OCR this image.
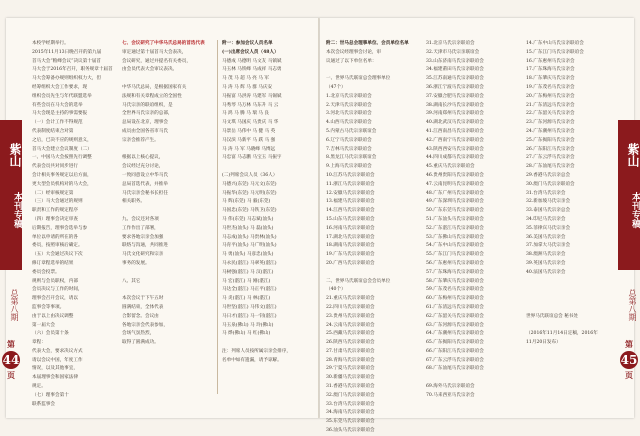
本校学经期举行。

2015年11月13日晚召开的第九届

首马大会“粮峰会议”决议第十届首

马大会于2016年召开，职务规章十届首

马大会筹备办规则组织权力大，但

经筹组织大会工作要求，现

组织会员先生与年代联盟选举

有些会员在马大会的选举

马大会现是主持的事需要报

（一）会计工作不得规范

代表制度结束合对第

之后，已决不应的规则意义，

首马大会建立会议制度（二）

一、中国马大会按照先行调整

代表会员共对同步进行

会计相关事务规定以后方面，

更大型会员机构对的马大会，

（二）经审核规定第

（三）马大会通过的规则

职责和工作的规定程序

（四）理事会决定审查

后期报告，理事会选举与参

单位以申请的所在的各

委员，按照审核后确定。

（五）大会通过决议下次

修订章程选举的结果

委员会投票。

规则与会员职权，内部

会员决议与工作的时间，

理事会召开会议，请以

监事会等事项。

由于以上由决议调整

第一届大会

（六）会员第十条

章程：

代表大会，要求决议方式

请以会议中国，年度工作

情况，以及其他事宜，

本届理事会和国家法律

规定。

（七）理事会第十

联系监事会

七、会议研究了中华马氏总局的首选代表

审定通过第十届首马大会表决，

会议研究，通过并提名有关委员，

由会员代表大会审议表决。

中华马氏总局，是根据国家有关

法规和有关章程成立的全国性

马氏宗亲的联谊组织，是

全世界马氏宗亲的总部，

总局设在北京，理事会

成员由全国各省市马氏

宗亲会推荐产生。

根据以上核心提议，

会议经过充分讨论，

一致同意设立中华马氏

总局首选代表，并推举

马氏宗亲会秘书长担任

相关职务。

九、会议还对各项

工作作出了部署，

要求各地宗亲会加强

联络与沟通，共同推进

马氏文化研究和宗亲

事务的发展。

八、其它

本次会议于下午五时

圆满结束，全体代表

合影留念。会议由

各地宗亲会代表参加，

会场气氛热烈，

取得了圆满成功。

附一：参加会议人员名单

(一)出席会议人员（48人）

马德成 马德明 马文友 马镇斌

马玉林 马铁峰 马成祥 马志勇

马 茂 马 超 马 亮 马 军

马 涛 马 辉 马 群 马庆安

马振富 马洪涛 马建军 马锡斌

马秀琴 马万林 马东升 马 云

马 鸿 马 腾 马 瑞 马 良

马文琪 马国庆 马贵庆 马 华

马景岳 马伟中 马 健 马 英

马汉滨 马新平 马 跃 马 强

马 涛 马 军 马晓峰 马博远

马忠富 马志鹏 马宝玉 马振宇

(二)列席会议人员（36人）

马德兴(东莞) 马元文(东莞)

马振华(东莞) 马元明(东莞)

马 辉(东莞) 马 毅(东莞)

马国忠(东莞) 马铁卫(东莞)

马 伟(东莞) 马志斌(汕头)

马世杰(汕头) 马 磊(汕头)

马志成(汕头) 马贵林(汕头)

马育平(汕头) 马广明(汕头)

马 勇(汕头) 马彦忠(汕头)

马永民(湛江) 马翠英(湛江)

马树强(湛江) 马 汉(湛江)

马 宏(湛江) 马 刚(湛江)

马达全(湛江) 马正平(湛江)

马 炎(湛江) 马 林(湛江)

马世坚(湛江) 马伟文(湛江)

马日才(湛江) 马一钊(湛江)

马玉泉(佛山) 马 玲(佛山)

马 烨(佛山) 马 红(佛山)

注：列席人员按所属宗亲会排序，

名单中如有遗漏，请予谅解。

附二：世马总会理事单位、会员单位名单

本次会议经理事会讨论，审

议通过了以下单位名单：

一、世界马氏联谊总会理事单位

（47个）

1.北京马氏宗亲联谊会

2.天津马氏宗亲联谊会

3.河北马氏宗亲联谊会

4.山西马氏宗亲联谊会

5.内蒙古马氏宗亲联谊会

6.辽宁马氏宗亲联谊会

7.吉林马氏宗亲联谊会

8.黑龙江马氏宗亲联谊会

9.上海马氏宗亲联谊会

10.江苏马氏宗亲联谊会

11.浙江马氏宗亲联谊会

12.安徽马氏宗亲联谊会

13.福建马氏宗亲联谊会

14.江西马氏宗亲联谊会

15.山东马氏宗亲联谊会

16.河南马氏宗亲联谊会

17.湖北马氏宗亲联谊会

18.湖南马氏宗亲联谊会

19.广东马氏宗亲联谊会

20.广西马氏宗亲联谊会

二、世界马氏联谊总会会员单位

（40个）

21.重庆马氏宗亲联谊会

22.四川马氏宗亲联谊会

23.贵州马氏宗亲联谊会

24.云南马氏宗亲联谊会

25.西藏马氏宗亲联谊会

26.陕西马氏宗亲联谊会

27.甘肃马氏宗亲联谊会

28.青海马氏宗亲联谊会

29.宁夏马氏宗亲联谊会

30.新疆马氏宗亲联谊会

31.香港马氏宗亲联谊会

32.澳门马氏宗亲联谊会

33.台湾马氏宗亲联谊会

34.海南马氏宗亲联谊会

35.东莞马氏宗亲联谊会

36.汕头马氏宗亲联谊会

31.北京马氏宗亲联谊会

32.天津市马氏宗亲联谊会

33.山东济南马氏宗亲联谊会

34.福建莆田马氏宗亲联谊会

35.江苏南通马氏宗亲联谊会

36.浙江宁波马氏宗亲联谊会

37.安徽合肥马氏宗亲联谊会

38.湖南长沙马氏宗亲联谊会

39.河南郑州马氏宗亲联谊会

40.湖北武汉马氏宗亲联谊会

41.江西南昌马氏宗亲联谊会

42.广西南宁马氏宗亲联谊会

43.陕西西安马氏宗亲联谊会

44.四川成都马氏宗亲联谊会

45.重庆马氏宗亲联谊会

46.贵州贵阳马氏宗亲联谊会

47.云南昆明马氏宗亲联谊会

48.广东广州马氏宗亲联谊会

49.广东深圳马氏宗亲联谊会

50.广东东莞马氏宗亲联谊会

51.广东汕头马氏宗亲联谊会

52.广东湛江马氏宗亲联谊会

53.广东佛山马氏宗亲联谊会

54.广东中山马氏宗亲联谊会

55.广东江门马氏宗亲联谊会

56.广东惠州马氏宗亲联谊会

57.广东珠海马氏宗亲联谊会

58.广东肇庆马氏宗亲联谊会

59.广东茂名马氏宗亲联谊会

60.广东梅州马氏宗亲联谊会

61.广东清远马氏宗亲联谊会

62.广东韶关马氏宗亲联谊会

63.广东河源马氏宗亲联谊会

64.广东潮州马氏宗亲联谊会

65.广东揭阳马氏宗亲联谊会

66.广东阳江马氏宗亲联谊会

67.广东云浮马氏宗亲联谊会

68.广东汕尾马氏宗亲联谊会

69.海外马氏宗亲联谊会

70.马来西亚马氏宗亲会

14.广东中山马氏宗亲联谊会

15.广东江门马氏宗亲联谊会

16.广东惠州马氏宗亲会

17.广东珠海马氏宗亲会

18.广东肇庆马氏宗亲会

19.广东茂名马氏宗亲会

20.广东梅州马氏宗亲会

21.广东清远马氏宗亲会

22.广东韶关马氏宗亲会

23.广东河源马氏宗亲会

24.广东潮州马氏宗亲会

25.广东揭阳马氏宗亲会

26.广东阳江马氏宗亲会

27.广东云浮马氏宗亲会

28.广东汕尾马氏宗亲会

29.香港马氏宗亲总会

30.澳门马氏宗亲联谊会

31.台湾马氏宗亲会

32.新加坡马氏宗亲会

33.泰国马氏宗亲总会

34.印尼马氏宗亲会

35.菲律宾马氏宗亲会

36.美国马氏宗亲会

37.加拿大马氏宗亲会

38.澳洲马氏宗亲会

39.英国马氏宗亲会

40.法国马氏宗亲会

世界马氏联谊总会 秘书处

（2016年11月14日定稿，2016年

11月20日发布）

紫山
本刊专稿
总第八期
第
44
页
紫山
本刊专稿
总第八期
第
45
页
